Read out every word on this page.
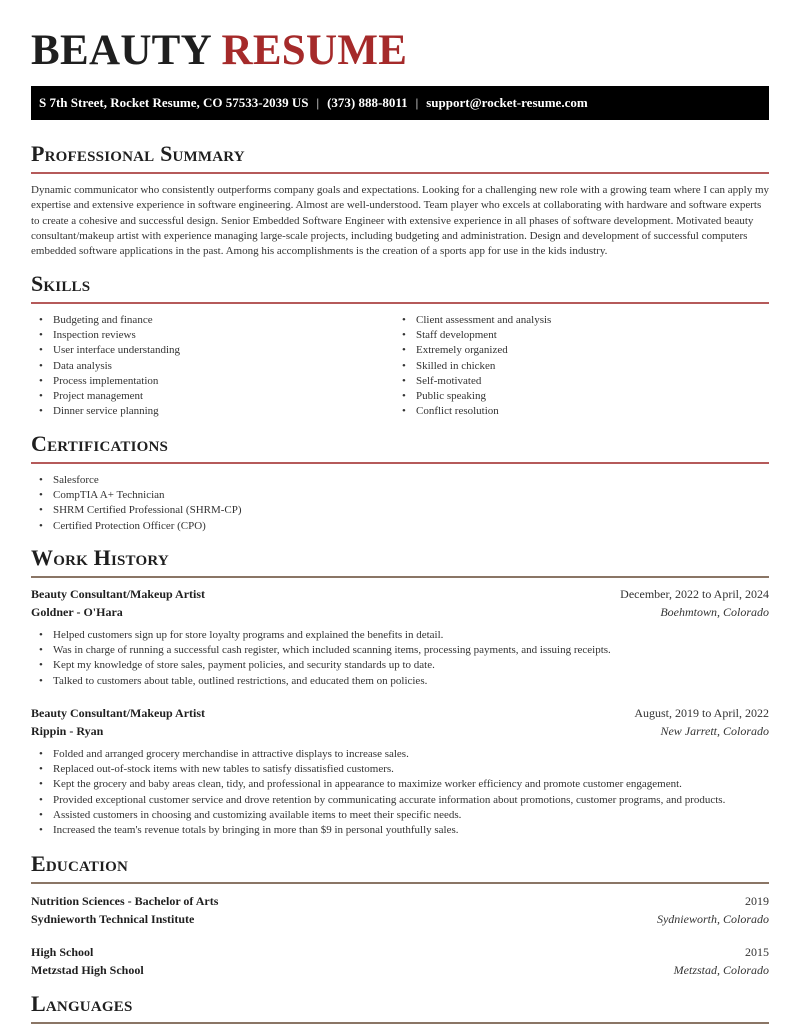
BEAUTY RESUME
S 7th Street, Rocket Resume, CO 57533-2039 US | (373) 888-8011 | support@rocket-resume.com
Professional Summary

Dynamic communicator who consistently outperforms company goals and expectations. Looking for a challenging new role with a growing team where I can apply my expertise and extensive experience in software engineering. Almost are well-understood. Team player who excels at collaborating with hardware and software experts to create a cohesive and successful design. Senior Embedded Software Engineer with extensive experience in all phases of software development. Motivated beauty consultant/makeup artist with experience managing large-scale projects, including budgeting and administration. Design and development of successful computers embedded software applications in the past. Among his accomplishments is the creation of a sports app for use in the kids industry.

Skills
• Budgeting and finance
• Inspection reviews
• User interface understanding
• Data analysis
• Process implementation
• Project management
• Dinner service planning
• Client assessment and analysis
• Staff development
• Extremely organized
• Skilled in chicken
• Self-motivated
• Public speaking
• Conflict resolution
Certifications
• Salesforce
• CompTIA A+ Technician
• SHRM Certified Professional (SHRM-CP)
• Certified Protection Officer (CPO)
Work History
Beauty Consultant/Makeup Artist	December, 2022 to April, 2024
Goldner - O'Hara	Boehmtown, Colorado
• Helped customers sign up for store loyalty programs and explained the benefits in detail.
• Was in charge of running a successful cash register, which included scanning items, processing payments, and issuing receipts.
• Kept my knowledge of store sales, payment policies, and security standards up to date.
• Talked to customers about table, outlined restrictions, and educated them on policies.
Beauty Consultant/Makeup Artist	August, 2019 to April, 2022
Rippin - Ryan	New Jarrett, Colorado
• Folded and arranged grocery merchandise in attractive displays to increase sales.
• Replaced out-of-stock items with new tables to satisfy dissatisfied customers.
• Kept the grocery and baby areas clean, tidy, and professional in appearance to maximize worker efficiency and promote customer engagement.
• Provided exceptional customer service and drove retention by communicating accurate information about promotions, customer programs, and products.
• Assisted customers in choosing and customizing available items to meet their specific needs.
• Increased the team's revenue totals by bringing in more than $9 in personal youthfully sales.
Education
Nutrition Sciences - Bachelor of Arts	2019
Sydnieworth Technical Institute	Sydnieworth, Colorado
High School	2015
Metzstad High School	Metzstad, Colorado
Languages
